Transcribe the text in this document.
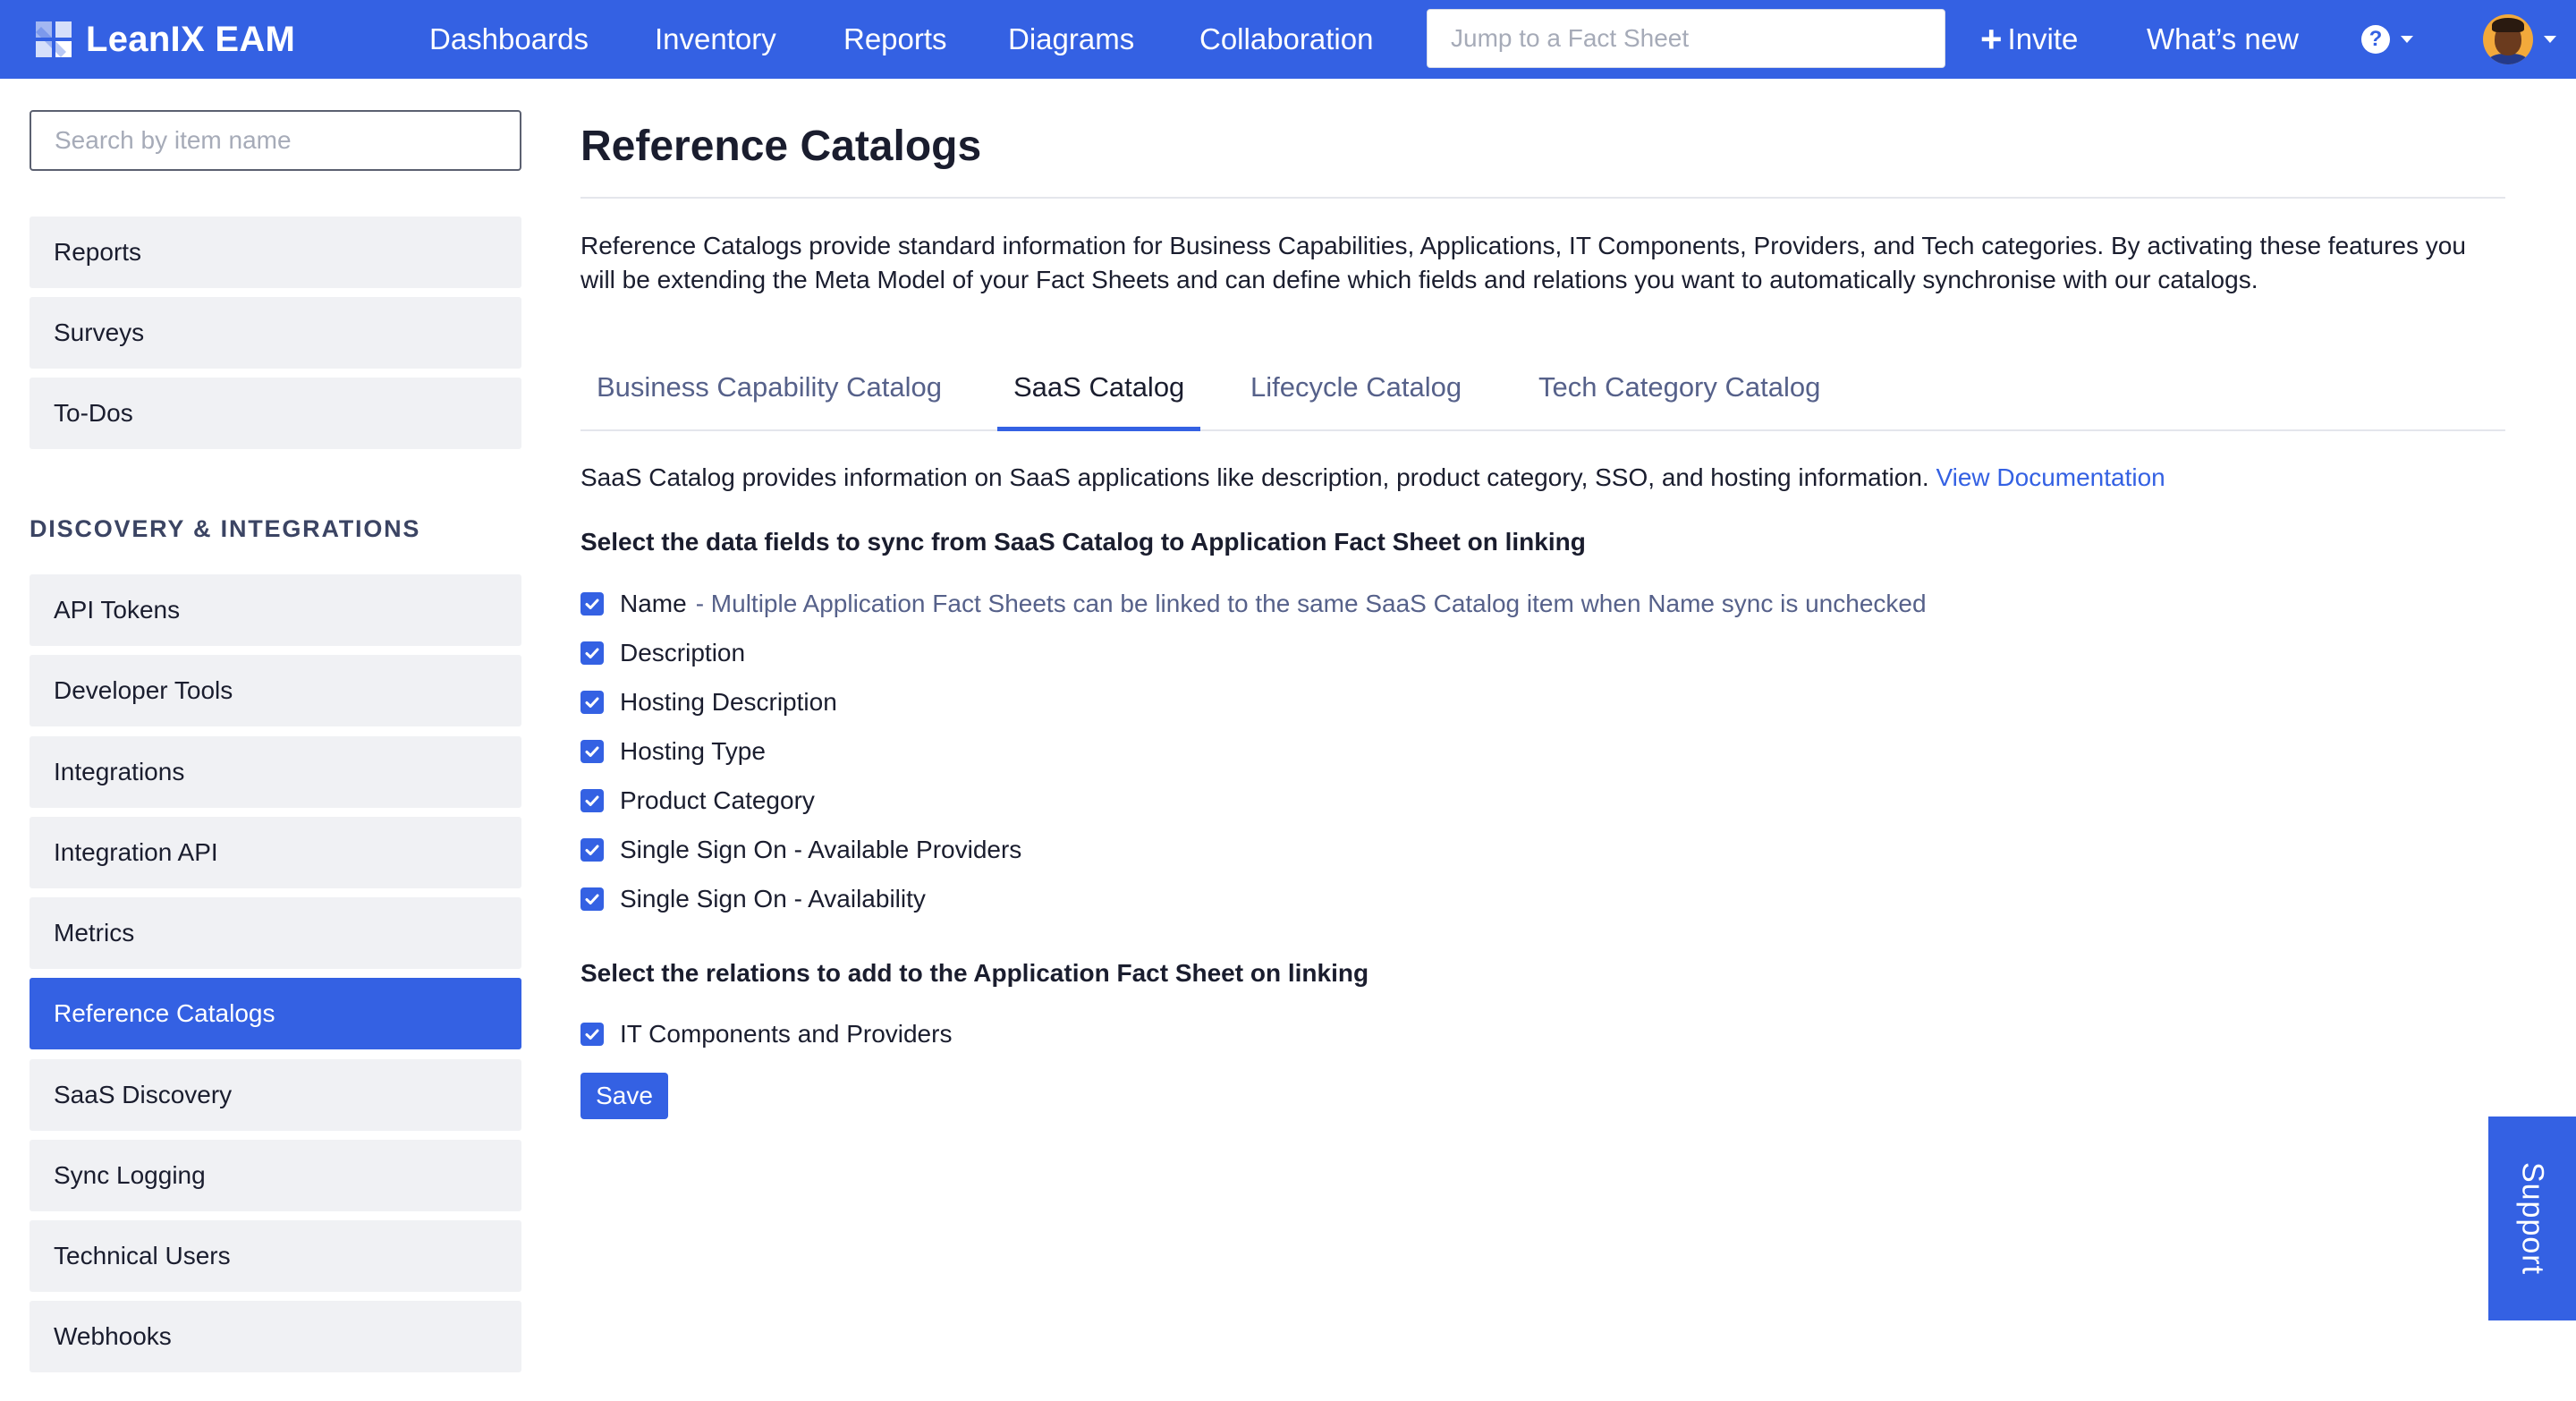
LeanIX EAM	Dashboards Inventory Reports Diagrams Collaboration
Jump to a Fact Sheet	+ Invite What’s new	?
Search by item name
Reports
Surveys
To-Dos
DISCOVERY & INTEGRATIONS
API Tokens
Developer Tools
Integrations
Integration API
Metrics
Reference Catalogs
SaaS Discovery
Sync Logging
Technical Users
Webhooks
Reference Catalogs

Reference Catalogs provide standard information for Business Capabilities, Applications, IT Components, Providers, and Tech categories. By activating these features you will be extending the Meta Model of your Fact Sheets and can define which fields and relations you want to automatically synchronise with our catalogs.

Business Capability Catalog	SaaS Catalog	Lifecycle Catalog	Tech Category Catalog

SaaS Catalog provides information on SaaS applications like description, product category, SSO, and hosting information. View Documentation

Select the data fields to sync from SaaS Catalog to Application Fact Sheet on linking
Name - Multiple Application Fact Sheets can be linked to the same SaaS Catalog item when Name sync is unchecked
Description
Hosting Description
Hosting Type
Product Category
Single Sign On - Available Providers
Single Sign On - Availability
Select the relations to add to the Application Fact Sheet on linking
IT Components and Providers
Save
Support
